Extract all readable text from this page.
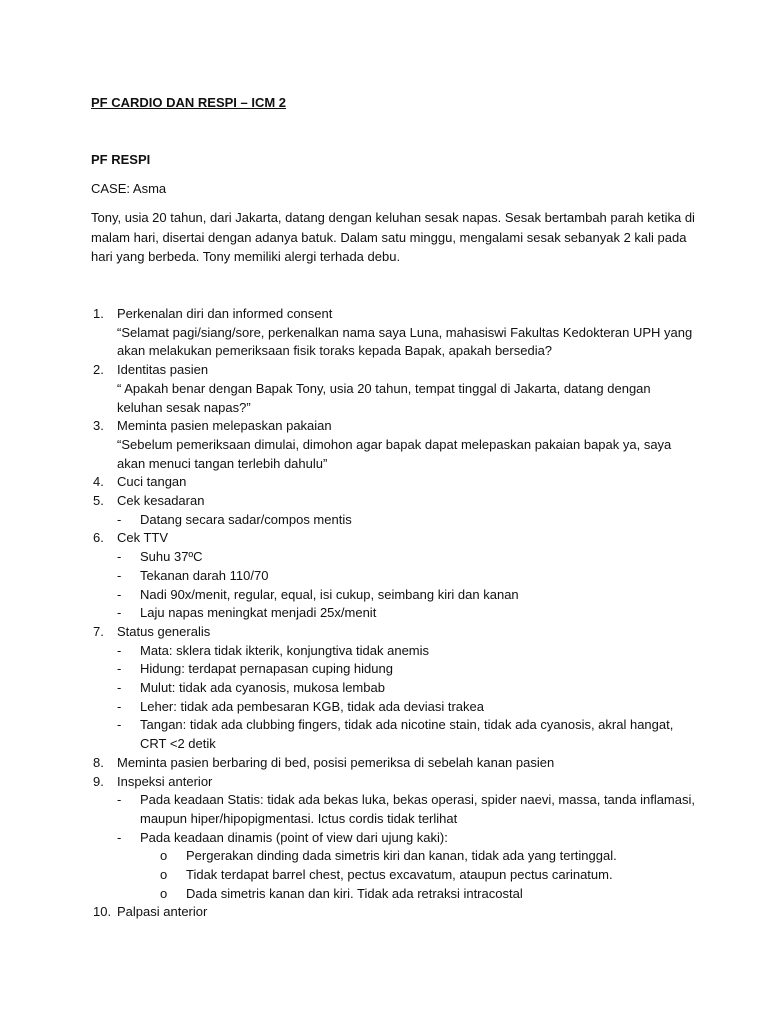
PF CARDIO DAN RESPI – ICM 2
PF RESPI
CASE: Asma
Tony, usia 20 tahun, dari Jakarta, datang dengan keluhan sesak napas. Sesak bertambah parah ketika di
malam hari, disertai dengan adanya batuk. Dalam satu minggu, mengalami sesak sebanyak 2 kali pada
hari yang berbeda. Tony memiliki alergi terhada debu.
1. Perkenalan diri dan informed consent
“Selamat pagi/siang/sore, perkenalkan nama saya Luna, mahasiswi Fakultas Kedokteran UPH yang
akan melakukan pemeriksaan fisik toraks kepada Bapak, apakah bersedia?
2. Identitas pasien
“ Apakah benar dengan Bapak Tony, usia 20 tahun, tempat tinggal di Jakarta, datang dengan
keluhan sesak napas?”
3. Meminta pasien melepaskan pakaian
“Sebelum pemeriksaan dimulai, dimohon agar bapak dapat melepaskan pakaian bapak ya, saya
akan menuci tangan terlebih dahulu”
4. Cuci tangan
5. Cek kesadaran
- Datang secara sadar/compos mentis
6. Cek TTV
- Suhu 37ºC
- Tekanan darah 110/70
- Nadi 90x/menit, regular, equal, isi cukup, seimbang kiri dan kanan
- Laju napas meningkat menjadi 25x/menit
7. Status generalis
- Mata: sklera tidak ikterik, konjungtiva tidak anemis
- Hidung: terdapat pernapasan cuping hidung
- Mulut: tidak ada cyanosis, mukosa lembab
- Leher: tidak ada pembesaran KGB, tidak ada deviasi trakea
- Tangan: tidak ada clubbing fingers, tidak ada nicotine stain, tidak ada cyanosis, akral hangat,
CRT <2 detik
8. Meminta pasien berbaring di bed, posisi pemeriksa di sebelah kanan pasien
9. Inspeksi anterior
- Pada keadaan Statis: tidak ada bekas luka, bekas operasi, spider naevi, massa, tanda inflamasi,
maupun hiper/hipopigmentasi. Ictus cordis tidak terlihat
- Pada keadaan dinamis (point of view dari ujung kaki):
o Pergerakan dinding dada simetris kiri dan kanan, tidak ada yang tertinggal.
o Tidak terdapat barrel chest, pectus excavatum, ataupun pectus carinatum.
o Dada simetris kanan dan kiri. Tidak ada retraksi intracostal
10. Palpasi anterior
